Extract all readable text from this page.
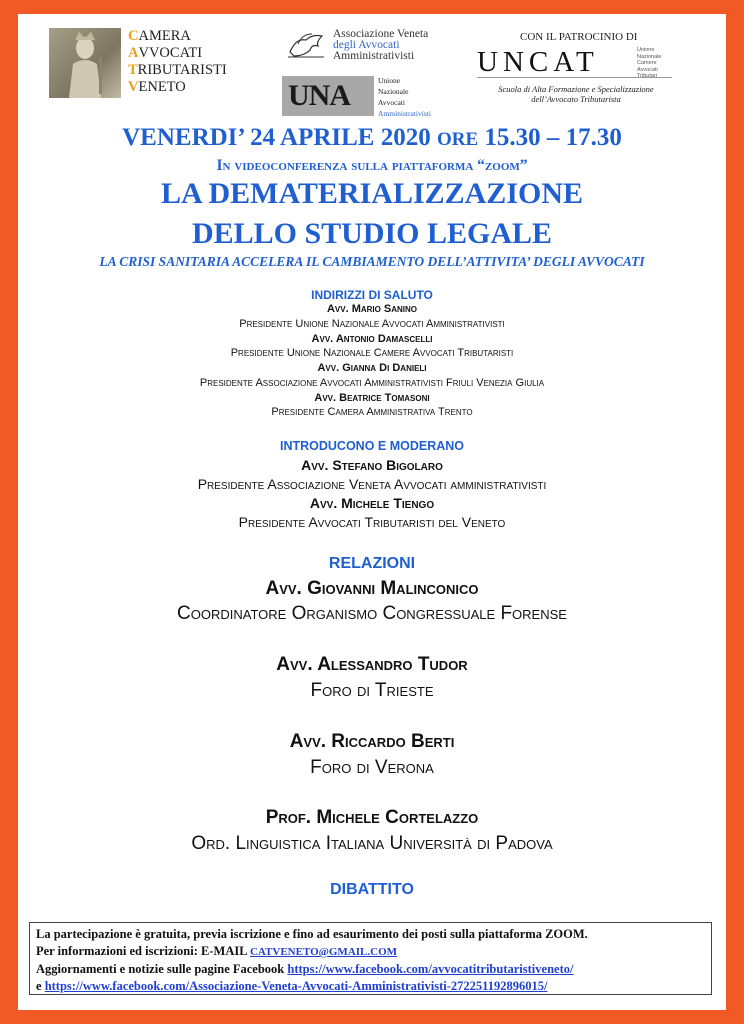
CAMERA
AVVOCATI
TRIBUTARISTI
VENETO
Associazione Veneta
degli Avvocati
Amministrativisti
UNA	Unione
Nazionale
Avvocati
Amministrativisti
CON IL PATROCINIO DI
UNCAT	Unione
Nazionale
Camere
Avvocati
Tributari
Scuola di Alta Formazione e Specializzazione
dell’Avvocato Tributarista
VENERDI’ 24 APRILE 2020 ORE 15.30 – 17.30
In videoconferenza sulla piattaforma “zoom”
LA DEMATERIALIZZAZIONE
DELLO STUDIO LEGALE
LA CRISI SANITARIA ACCELERA IL CAMBIAMENTO DELL’ATTIVITA’ DEGLI AVVOCATI
INDIRIZZI DI SALUTO
Avv. Mario Sanino
Presidente Unione Nazionale Avvocati Amministrativisti
Avv. Antonio Damascelli
Presidente Unione Nazionale Camere Avvocati Tributaristi
Avv. Gianna Di Danieli
Presidente Associazione Avvocati Amministrativisti Friuli Venezia Giulia
Avv. Beatrice Tomasoni
Presidente Camera Amministrativa Trento
INTRODUCONO E MODERANO
Avv. Stefano Bigolaro
Presidente Associazione Veneta Avvocati amministrativisti
Avv. Michele Tiengo
Presidente Avvocati Tributaristi del Veneto
RELAZIONI
Avv. Giovanni Malinconico
Coordinatore Organismo Congressuale Forense
Avv. Alessandro Tudor
Foro di Trieste
Avv. Riccardo Berti
Foro di Verona
Prof. Michele Cortelazzo
Ord. Linguistica Italiana Università di Padova
DIBATTITO
La partecipazione è gratuita, previa iscrizione e fino ad esaurimento dei posti sulla piattaforma ZOOM.
Per informazioni ed iscrizioni: E-MAIL CATVENETO@GMAIL.COM
Aggiornamenti e notizie sulle pagine Facebook https://www.facebook.com/avvocatitributaristiveneto/
e https://www.facebook.com/Associazione-Veneta-Avvocati-Amministrativisti-272251192896015/
